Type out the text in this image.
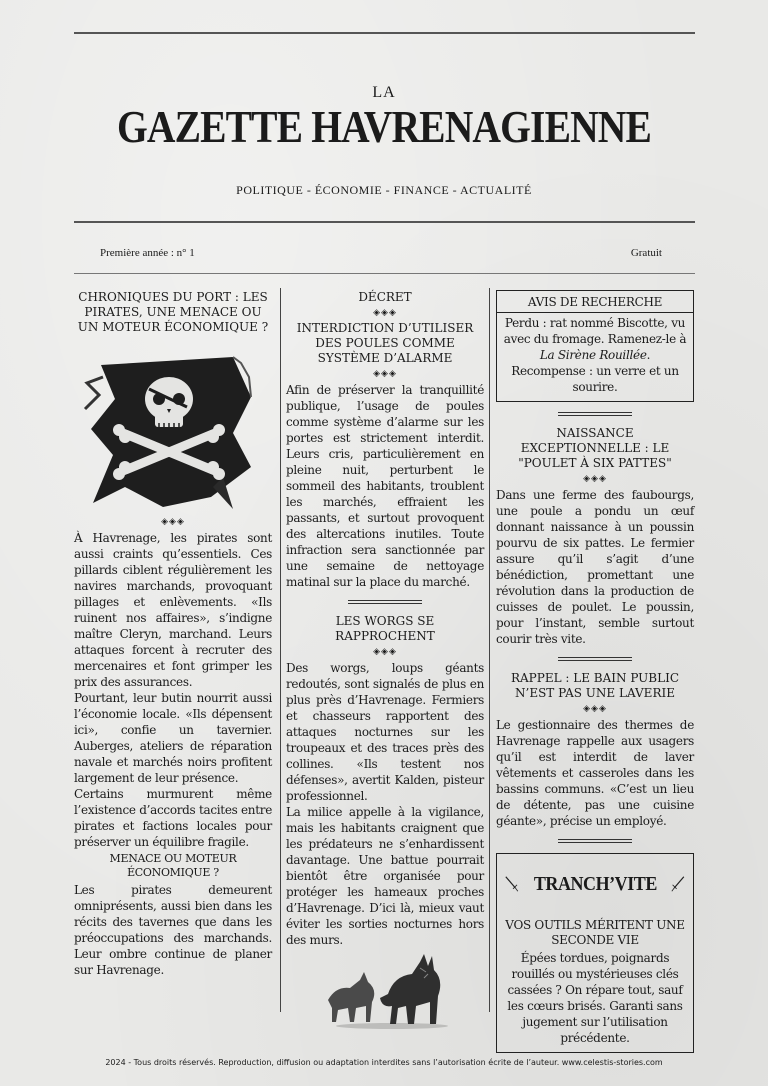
LA
GAZETTE HAVRENAGIENNE
POLITIQUE - ÉCONOMIE - FINANCE - ACTUALITÉ
Première année : n° 1	Gratuit
CHRONIQUES DU PORT : LES PIRATES, UNE MENACE OU UN MOTEUR ÉCONOMIQUE ?
◈◈◈

À Havrenage, les pirates sont aussi craints qu’essentiels. Ces pillards ciblent régulièrement les navires marchands, provoquant pillages et enlèvements. «Ils ruinent nos affaires», s’indigne maître Cleryn, marchand. Leurs attaques forcent à recruter des mercenaires et font grimper les prix des assurances.

Pourtant, leur butin nourrit aussi l’économie locale. «Ils dépensent ici», confie un tavernier. Auberges, ateliers de réparation navale et marchés noirs profitent largement de leur présence.

Certains murmurent même l’existence d’accords tacites entre pirates et factions locales pour préserver un équilibre fragile.

MENACE OU MOTEUR ÉCONOMIQUE ?

Les pirates demeurent omniprésents, aussi bien dans les récits des tavernes que dans les préoccupations des marchands. Leur ombre continue de planer sur Havrenage.

DÉCRET
◈◈◈
INTERDICTION D’UTILISER DES POULES COMME SYSTÈME D’ALARME
◈◈◈

Afin de préserver la tranquillité publique, l’usage de poules comme système d’alarme sur les portes est strictement interdit. Leurs cris, particulièrement en pleine nuit, perturbent le sommeil des habitants, troublent les marchés, effraient les passants, et surtout provoquent des altercations inutiles. Toute infraction sera sanctionnée par une semaine de nettoyage matinal sur la place du marché.

LES WORGS SE RAPPROCHENT
◈◈◈

Des worgs, loups géants redoutés, sont signalés de plus en plus près d’Havrenage. Fermiers et chasseurs rapportent des attaques nocturnes sur les troupeaux et des traces près des collines. «Ils testent nos défenses», avertit Kalden, pisteur professionnel.

La milice appelle à la vigilance, mais les habitants craignent que les prédateurs ne s’enhardissent davantage. Une battue pourrait bientôt être organisée pour protéger les hameaux proches d’Havrenage. D’ici là, mieux vaut éviter les sorties nocturnes hors des murs.

AVIS DE RECHERCHE
Perdu : rat nommé Biscotte, vu avec du fromage. Ramenez-le à La Sirène Rouillée. Recompense : un verre et un sourire.
NAISSANCE EXCEPTIONNELLE : LE "POULET À SIX PATTES"
◈◈◈

Dans une ferme des faubourgs, une poule a pondu un œuf donnant naissance à un poussin pourvu de six pattes. Le fermier assure qu’il s’agit d’une bénédiction, promettant une révolution dans la production de cuisses de poulet. Le poussin, pour l’instant, semble surtout courir très vite.

RAPPEL : LE BAIN PUBLIC N’EST PAS UNE LAVERIE
◈◈◈

Le gestionnaire des thermes de Havrenage rappelle aux usagers qu’il est interdit de laver vêtements et casseroles dans les bassins communs. «C’est un lieu de détente, pas une cuisine géante», précise un employé.

TRANCH’VITE
VOS OUTILS MÉRITENT UNE SECONDE VIE
Épées tordues, poignards rouillés ou mystérieuses clés cassées ? On répare tout, sauf les cœurs brisés. Garanti sans jugement sur l’utilisation précédente.
2024 - Tous droits réservés. Reproduction, diffusion ou adaptation interdites sans l’autorisation écrite de l’auteur. www.celestis-stories.com
